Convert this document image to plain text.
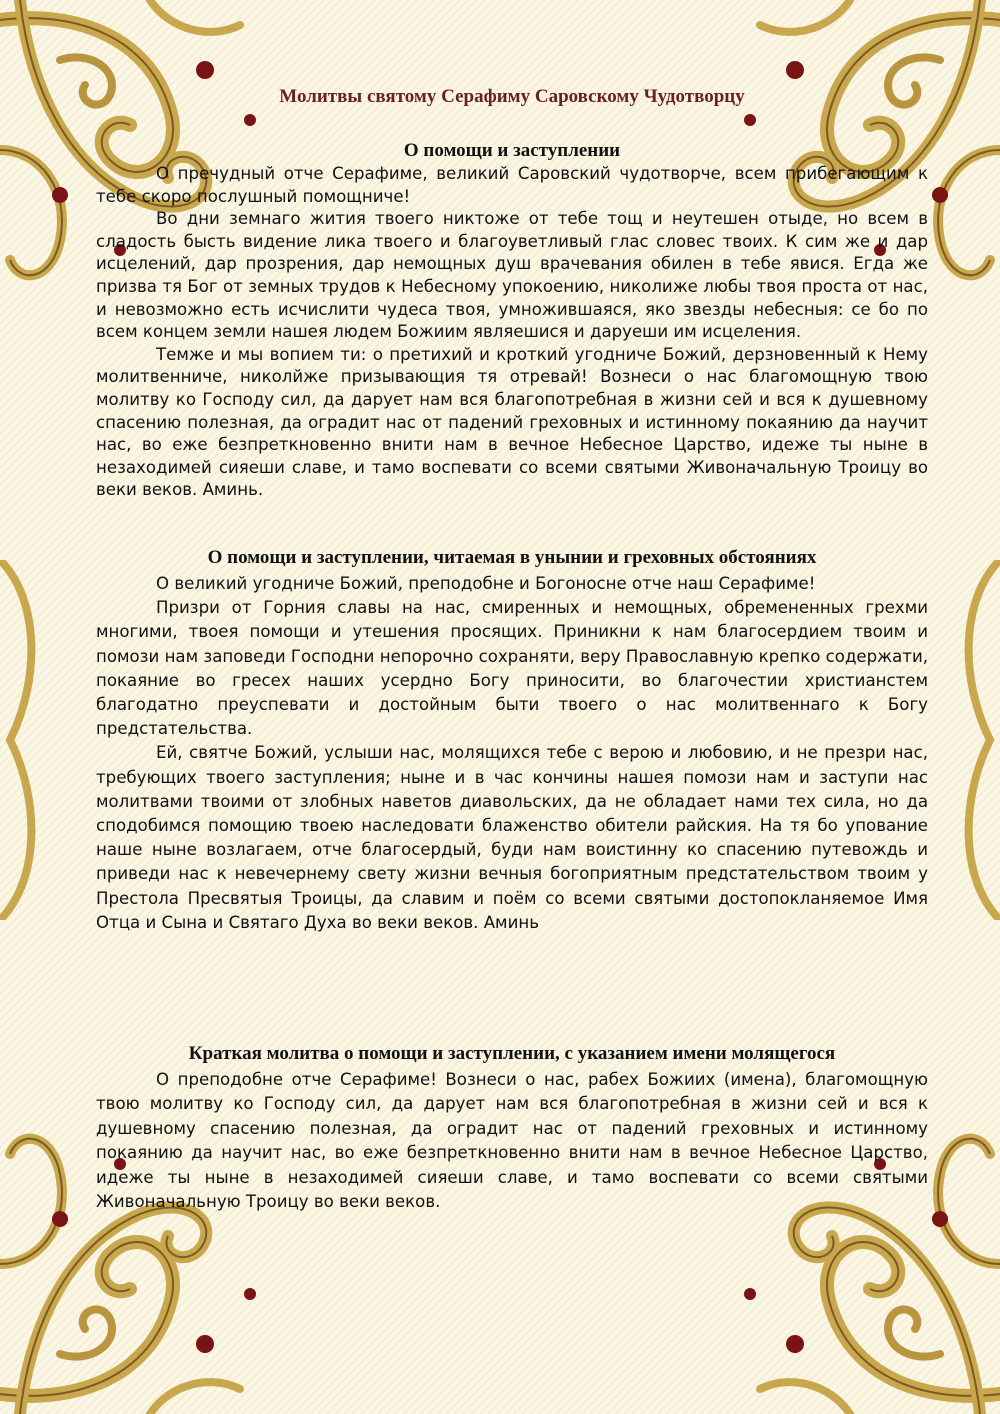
Молитвы святому Серафиму Саровскому Чудотворцу
О помощи и заступлении

О пречудный отче Серафиме, великий Саровский чудотворче, всем прибегающим к тебе скоро послушный помощниче!

Во дни земнаго жития твоего никтоже от тебе тощ и неутешен отыде, но всем в сладость бысть видение лика твоего и благоуветливый глас словес твоих. К сим же и дар исцелений, дар прозрения, дар немощных душ врачевания обилен в тебе явися. Егда же призва тя Бог от земных трудов к Небесному упокоению, николиже любы твоя проста от нас, и невозможно есть исчислити чудеса твоя, умножившаяся, яко звезды небесныя: се бо по всем концем земли нашея людем Божиим являешися и даруеши им исцеления.

Темже и мы вопием ти: о претихий и кроткий угодниче Божий, дерзновенный к Нему молитвенниче, николйже призывающия тя отревай! Вознеси о нас благомощную твою молитву ко Господу сил, да дарует нам вся благопотребная в жизни сей и вся к душевному спасению полезная, да оградит нас от падений греховных и истинному покаянию да научит нас, во еже безпреткновенно внити нам в вечное Небесное Царство, идеже ты ныне в незаходимей сияеши славе, и тамо воспевати со всеми святыми Живоначальную Троицу во веки веков. Аминь.

О помощи и заступлении, читаемая в унынии и греховных обстояниях

О великий угодниче Божий, преподобне и Богоносне отче наш Серафиме!

Призри от Горния славы на нас, смиренных и немощных, обремененных грехми многими, твоея помощи и утешения просящих. Приникни к нам благосердием твоим и помози нам заповеди Господни непорочно сохраняти, веру Православную крепко содержати, покаяние во гресех наших усердно Богу приносити, во благочестии христианстем благодатно преуспевати и достойным быти твоего о нас молитвеннаго к Богу предстательства.

Ей, святче Божий, услыши нас, молящихся тебе с верою и любовию, и не презри нас, требующих твоего заступления; ныне и в час кончины нашея помози нам и заступи нас молитвами твоими от злобных наветов диавольских, да не обладает нами тех сила, но да сподобимся помощию твоею наследовати блаженство обители райския. На тя бо упование наше ныне возлагаем, отче благосердый, буди нам воистинну ко спасению путевождь и приведи нас к невечернему свету жизни вечныя богоприятным предстательством твоим у Престола Пресвятыя Троицы, да славим и поём со всеми святыми достопокланяемое Имя Отца и Сына и Святаго Духа во веки веков. Аминь

Краткая молитва о помощи и заступлении, с указанием имени молящегося

О преподобне отче Серафиме! Вознеси о нас, рабех Божиих (имена), благомощную твою молитву ко Господу сил, да дарует нам вся благопотребная в жизни сей и вся к душевному спасению полезная, да оградит нас от падений греховных и истинному покаянию да научит нас, во еже безпреткновенно внити нам в вечное Небесное Царство, идеже ты ныне в незаходимей сияеши славе, и тамо воспевати со всеми святыми Живоначальную Троицу во веки веков.
